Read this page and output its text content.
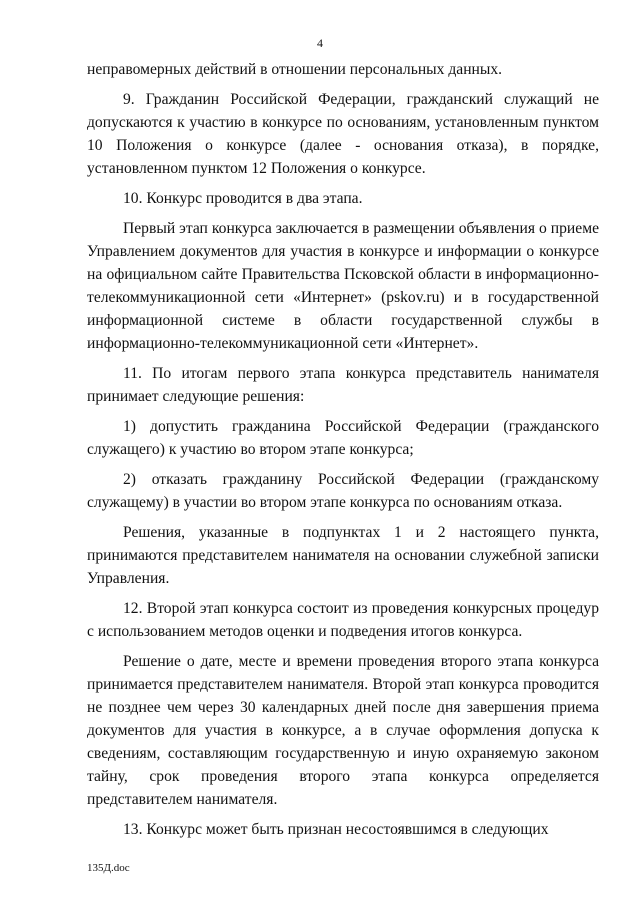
4

неправомерных действий в отношении персональных данных.

9. Гражданин Российской Федерации, гражданский служащий не допускаются к участию в конкурсе по основаниям, установленным пунктом 10 Положения о конкурсе (далее - основания отказа), в порядке, установленном пунктом 12 Положения о конкурсе.

10. Конкурс проводится в два этапа.

Первый этап конкурса заключается в размещении объявления о приеме Управлением документов для участия в конкурсе и информации о конкурсе на официальном сайте Правительства Псковской области в информационно-телекоммуникационной сети «Интернет» (pskov.ru) и в государственной информационной системе в области государственной службы в информационно-телекоммуникационной сети «Интернет».

11. По итогам первого этапа конкурса представитель нанимателя принимает следующие решения:

1) допустить гражданина Российской Федерации (гражданского служащего) к участию во втором этапе конкурса;

2) отказать гражданину Российской Федерации (гражданскому служащему) в участии во втором этапе конкурса по основаниям отказа.

Решения, указанные в подпунктах 1 и 2 настоящего пункта, принимаются представителем нанимателя на основании служебной записки Управления.

12. Второй этап конкурса состоит из проведения конкурсных процедур с использованием методов оценки и подведения итогов конкурса.

Решение о дате, месте и времени проведения второго этапа конкурса принимается представителем нанимателя. Второй этап конкурса проводится не позднее чем через 30 календарных дней после дня завершения приема документов для участия в конкурсе, а в случае оформления допуска к сведениям, составляющим государственную и иную охраняемую законом тайну, срок проведения второго этапа конкурса определяется представителем нанимателя.

13. Конкурс может быть признан несостоявшимся в следующих

135Д.doc
